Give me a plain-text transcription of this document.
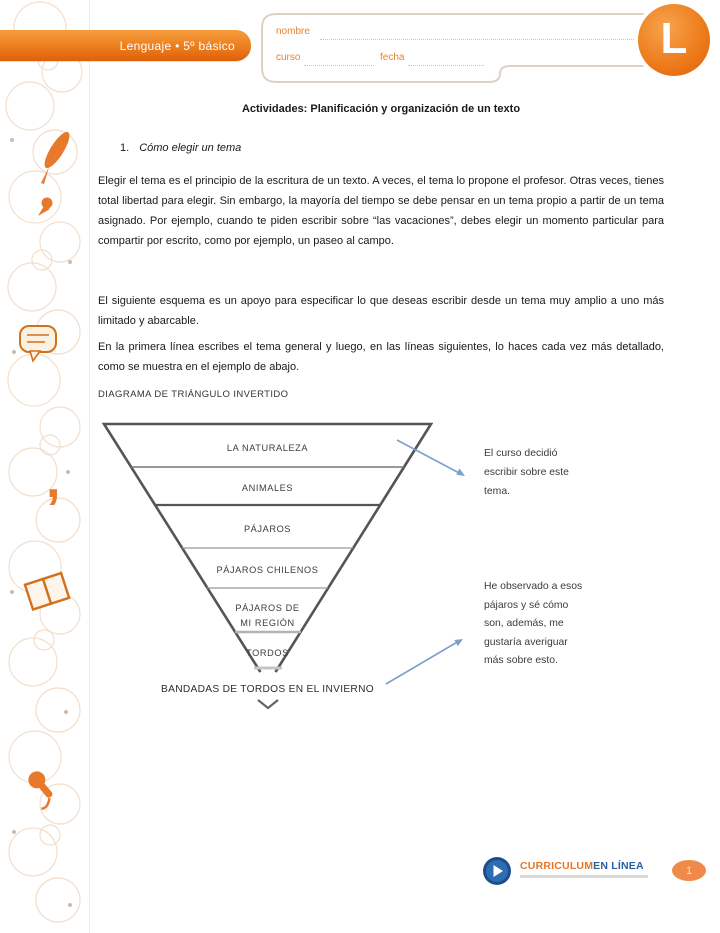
,
Lenguaje • 5º básico
nombre
curso	fecha	L
Actividades: Planificación y organización de un texto
1. Cómo elegir un tema
Elegir el tema es el principio de la escritura de un texto. A veces, el tema lo propone el profesor. Otras veces, tienes total libertad para elegir. Sin embargo, la mayoría del tiempo se debe pensar en un tema propio a partir de un tema asignado. Por ejemplo, cuando te piden escribir sobre “las vacaciones”, debes elegir un momento particular para compartir por escrito, como por ejemplo, un paseo al campo.
El siguiente esquema es un apoyo para especificar lo que deseas escribir desde un tema muy amplio a uno más limitado y abarcable.
En la primera línea escribes el tema general y luego, en las líneas siguientes, lo haces cada vez más detallado, como se muestra en el ejemplo de abajo.
DIAGRAMA DE TRIÁNGULO INVERTIDO
LA NATURALEZA
ANIMALES
PÁJAROS
PÁJAROS CHILENOS
PÁJAROS DE
MI REGIÓN
TORDOS
BANDADAS DE TORDOS EN EL INVIERNO
El curso decidió escribir sobre este tema.
He observado a esos pájaros y sé cómo son, además, me gustaría averiguar más sobre esto.
CURRICULUMEN LÍNEA	1
